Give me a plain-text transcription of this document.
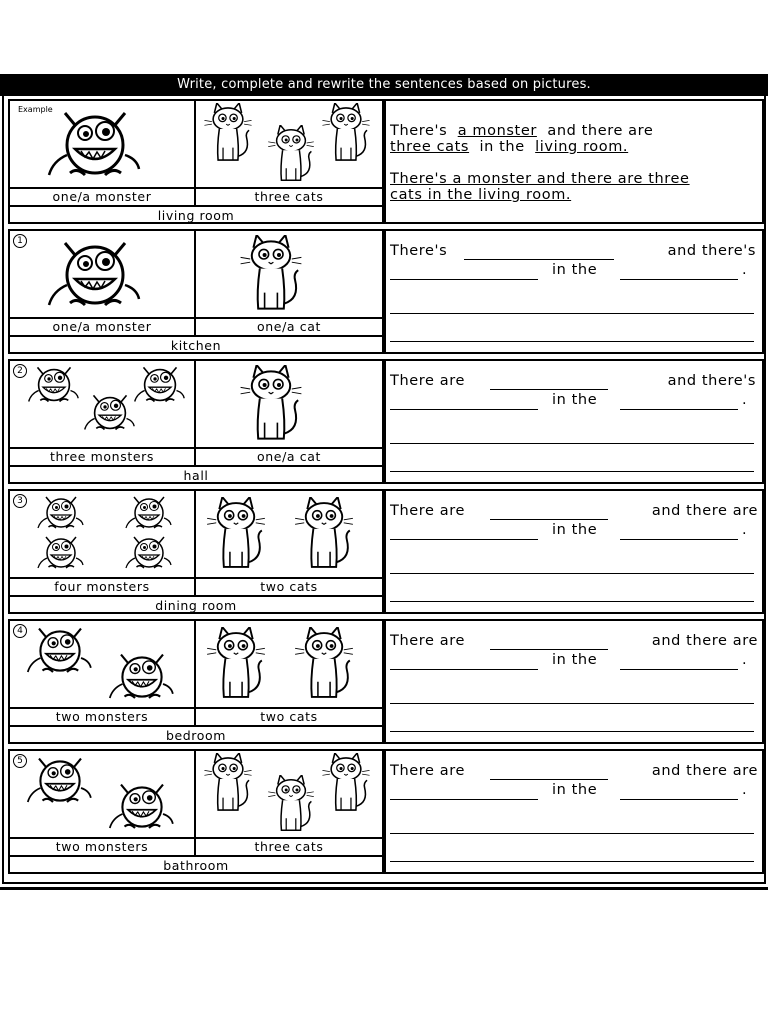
Write, complete and rewrite the sentences based on pictures.
Example
one/a monster	three cats
living room
There's a monster and there are
three cats in the living room.
There's a monster and there are three
cats in the living room.
1
one/a monster	one/a cat
kitchen
There's	and there's
in the	.
2
three monsters	one/a cat
hall
There are	and there's
in the	.
3
four monsters	two cats
dining room
There are	and there are
in the	.
4
two monsters	two cats
bedroom
There are	and there are
in the	.
5
two monsters	three cats
bathroom
There are	and there are
in the	.
